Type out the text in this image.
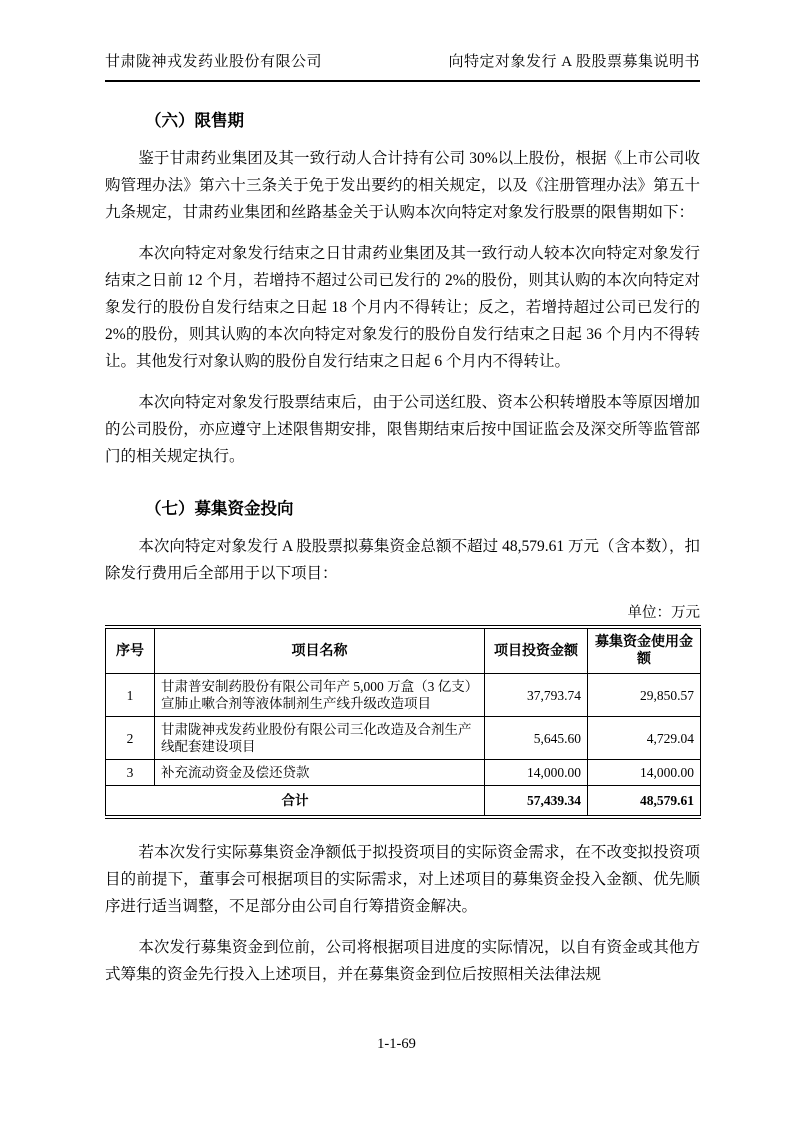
甘肃陇神戎发药业股份有限公司	向特定对象发行 A 股股票募集说明书
（六）限售期

鉴于甘肃药业集团及其一致行动人合计持有公司 30%以上股份，根据《上市公司收购管理办法》第六十三条关于免于发出要约的相关规定，以及《注册管理办法》第五十九条规定，甘肃药业集团和丝路基金关于认购本次向特定对象发行股票的限售期如下：

本次向特定对象发行结束之日甘肃药业集团及其一致行动人较本次向特定对象发行结束之日前 12 个月，若增持不超过公司已发行的 2%的股份，则其认购的本次向特定对象发行的股份自发行结束之日起 18 个月内不得转让；反之，若增持超过公司已发行的 2%的股份，则其认购的本次向特定对象发行的股份自发行结束之日起 36 个月内不得转让。其他发行对象认购的股份自发行结束之日起 6 个月内不得转让。

本次向特定对象发行股票结束后，由于公司送红股、资本公积转增股本等原因增加的公司股份，亦应遵守上述限售期安排，限售期结束后按中国证监会及深交所等监管部门的相关规定执行。

（七）募集资金投向

本次向特定对象发行 A 股股票拟募集资金总额不超过 48,579.61 万元（含本数），扣除发行费用后全部用于以下项目：

单位：万元
序号	项目名称	项目投资金额	募集资金使用金额
1	甘肃普安制药股份有限公司年产 5,000 万盒（3 亿支）宣肺止嗽合剂等液体制剂生产线升级改造项目	37,793.74	29,850.57
2	甘肃陇神戎发药业股份有限公司三化改造及合剂生产线配套建设项目	5,645.60	4,729.04
3	补充流动资金及偿还贷款	14,000.00	14,000.00
合计		57,439.34	48,579.61

若本次发行实际募集资金净额低于拟投资项目的实际资金需求，在不改变拟投资项目的前提下，董事会可根据项目的实际需求，对上述项目的募集资金投入金额、优先顺序进行适当调整，不足部分由公司自行筹措资金解决。

本次发行募集资金到位前，公司将根据项目进度的实际情况，以自有资金或其他方式筹集的资金先行投入上述项目，并在募集资金到位后按照相关法律法规

1-1-69
